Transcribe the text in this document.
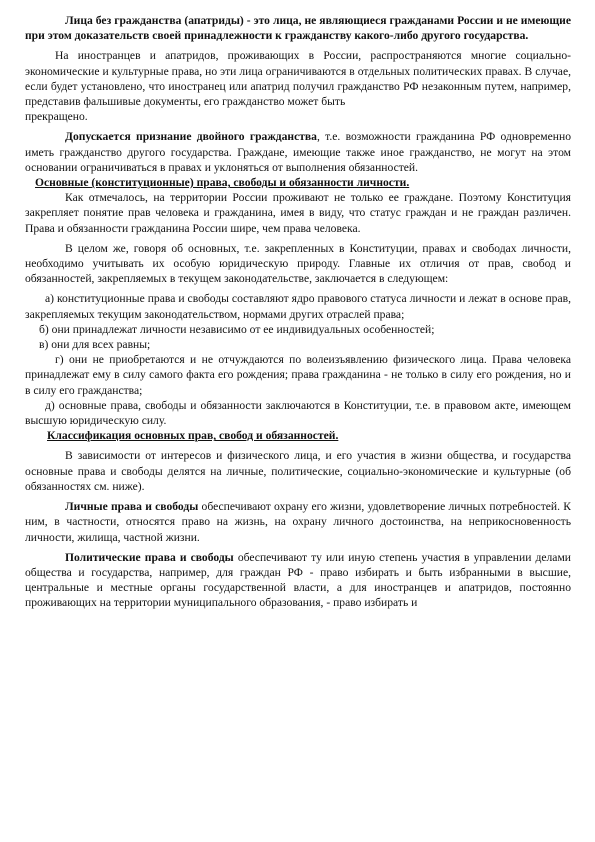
Лица без гражданства (апатриды) - это лица, не являющиеся гражданами России и не имеющие при этом доказательств своей принадлежности к гражданству какого-либо другого государства.

На иностранцев и апатридов, проживающих в России, распространяются многие социально-экономические и культурные права, но эти лица ограничиваются в отдельных политических правах. В случае, если будет установлено, что иностранец или апатрид получил гражданство РФ незаконным путем, например, представив фальшивые документы, его гражданство может быть

прекращено.

Допускается признание двойного гражданства, т.е. возможности гражданина РФ одновременно иметь гражданство другого государства. Граждане, имеющие также иное гражданство, не могут на этом основании ограничиваться в правах и уклоняться от выполнения обязанностей.

Основные (конституционные) права, свободы и обязанности личности.

Как отмечалось, на территории России проживают не только ее граждане. Поэтому Конституция закрепляет понятие прав человека и гражданина, имея в виду, что статус граждан и не граждан различен. Права и обязанности гражданина России шире, чем права человека.

В целом же, говоря об основных, т.е. закрепленных в Конституции, правах и свободах личности, необходимо учитывать их особую юридическую природу. Главные их отличия от прав, свобод и обязанностей, закрепляемых в текущем законодательстве, заключается в следующем:

а) конституционные права и свободы составляют ядро правового статуса личности и лежат в основе прав, закрепляемых текущим законодательством, нормами других отраслей права;

б) они принадлежат личности независимо от ее индивидуальных особенностей;

в) они для всех равны;

г) они не приобретаются и не отчуждаются по волеизъявлению физического лица. Права человека принадлежат ему в силу самого факта его рождения; права гражданина - не только в силу его рождения, но и в силу его гражданства;

д) основные права, свободы и обязанности заключаются в Конституции, т.е. в правовом акте, имеющем высшую юридическую силу.

Классификация основных прав, свобод и обязанностей.

В зависимости от интересов и физического лица, и его участия в жизни общества, и государства основные права и свободы делятся на личные, политические, социально-экономические и культурные (об обязанностях см. ниже).

Личные права и свободы обеспечивают охрану его жизни, удовлетворение личных потребностей. К ним, в частности, относятся право на жизнь, на охрану личного достоинства, на неприкосновенность личности, жилища, частной жизни.

Политические права и свободы обеспечивают ту или иную степень участия в управлении делами общества и государства, например, для граждан РФ - право избирать и быть избранными в высшие, центральные и местные органы государственной власти, а для иностранцев и апатридов, постоянно проживающих на территории муниципального образования, - право избирать и
